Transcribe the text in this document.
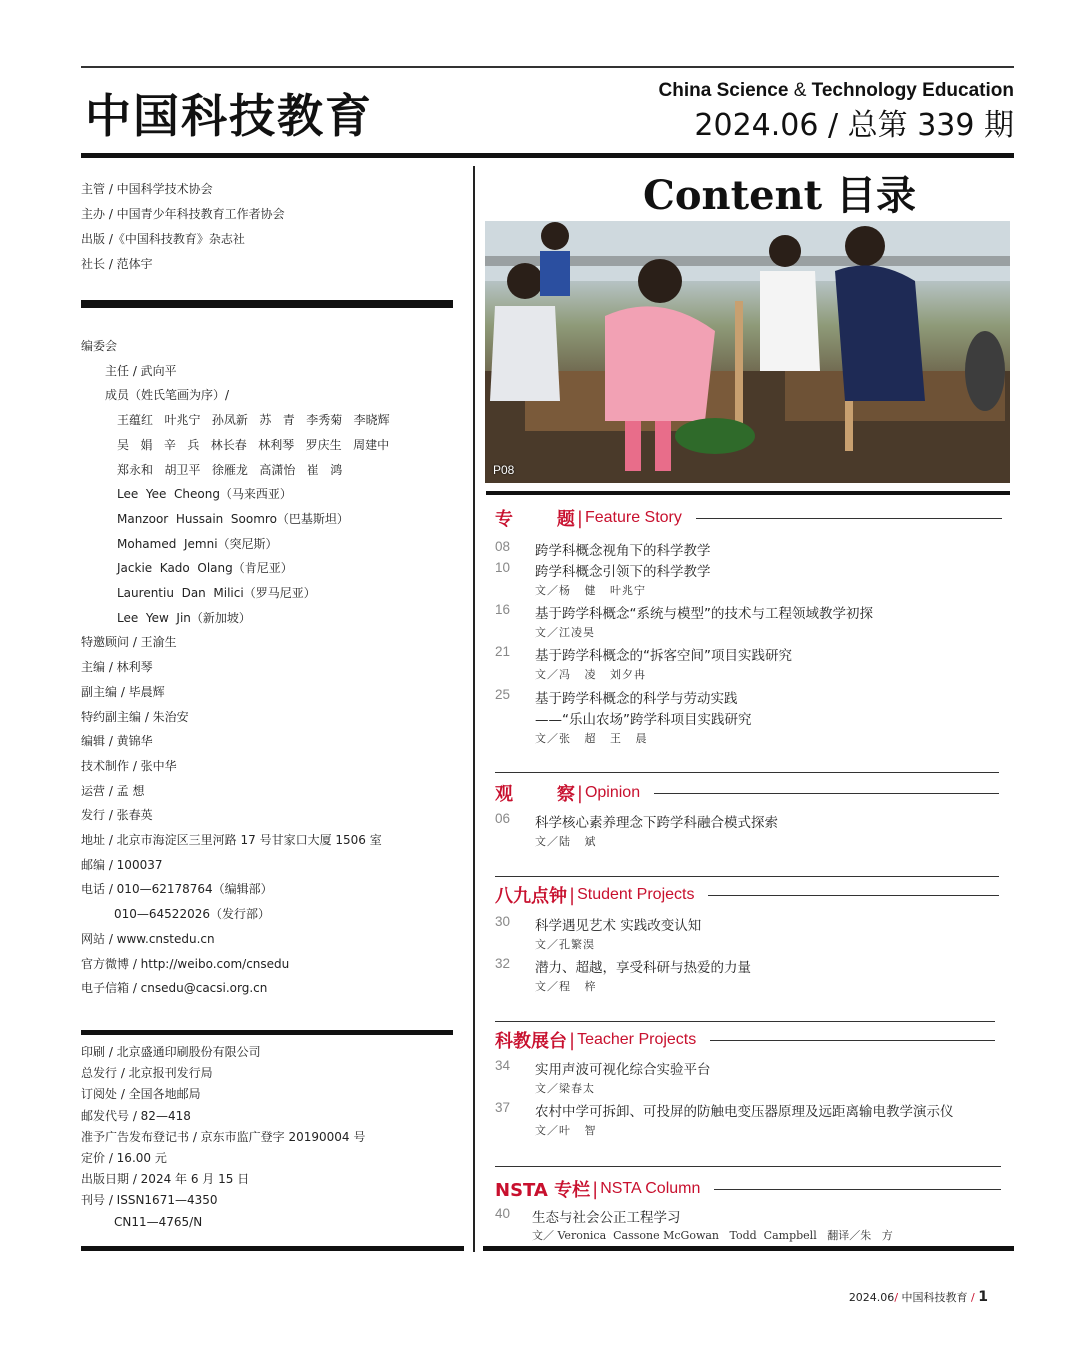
中国科技教育	China Science & Technology Education
2024.06 / 总第 339 期
主管 / 中国科学技术协会
主办 / 中国青少年科技教育工作者协会
出版 /《中国科技教育》杂志社
社长 / 范体宇
编委会
主任 / 武向平
成员（姓氏笔画为序）/
王蕴红   叶兆宁   孙凤新   苏   青   李秀菊   李晓辉
吴   娟   辛   兵   林长春   林利琴   罗庆生   周建中
郑永和   胡卫平   徐雁龙   高潇怡   崔   鸿
Lee  Yee  Cheong（马来西亚）
Manzoor  Hussain  Soomro（巴基斯坦）
Mohamed  Jemni（突尼斯）
Jackie  Kado  Olang（肯尼亚）
Laurentiu  Dan  Milici（罗马尼亚）
Lee  Yew  Jin（新加坡）
特邀顾问 / 王渝生
主编 / 林利琴
副主编 / 毕晨辉
特约副主编 / 朱治安
编辑 / 黄锦华
技术制作 / 张中华
运营 / 孟 想
发行 / 张春英
地址 / 北京市海淀区三里河路 17 号甘家口大厦 1506 室
邮编 / 100037
电话 / 010—62178764（编辑部）
010—64522026（发行部）
网站 / www.cnstedu.cn
官方微博 / http://weibo.com/cnsedu
电子信箱 / cnsedu@cacsi.org.cn
印刷 / 北京盛通印刷股份有限公司
总发行 / 北京报刊发行局
订阅处 / 全国各地邮局
邮发代号 / 82—418
准予广告发布登记书 / 京东市监广登字 20190004 号
定价 / 16.00 元
出版日期 / 2024 年 6 月 15 日
刊号 / ISSN1671—4350
CN11—4765/N
Content 目录
P08
专       题 | Feature Story
08 跨学科概念视角下的科学教学
10 跨学科概念引领下的科学教学
文／杨   健   叶兆宁
16 基于跨学科概念“系统与模型”的技术与工程领域教学初探
文／江凌昊
21 基于跨学科概念的“拆客空间”项目实践研究
文／冯   凌   刘夕冉
25 基于跨学科概念的科学与劳动实践
——“乐山农场”跨学科项目实践研究
文／张   超   王   晨
观       察 | Opinion
06 科学核心素养理念下跨学科融合模式探索
文／陆   斌
八九点钟 | Student Projects
30 科学遇见艺术 实践改变认知
文／孔繁淏
32 潜力、超越，享受科研与热爱的力量
文／程   梓
科教展台 | Teacher Projects
34 实用声波可视化综合实验平台
文／梁春太
37 农村中学可拆卸、可投屏的防触电变压器原理及远距离输电教学演示仪
文／叶   智
NSTA 专栏 | NSTA Column
40 生态与社会公正工程学习
文／ Veronica  Cassone McGowan   Todd  Campbell   翻译／朱   方
2024.06/ 中国科技教育 / 1
